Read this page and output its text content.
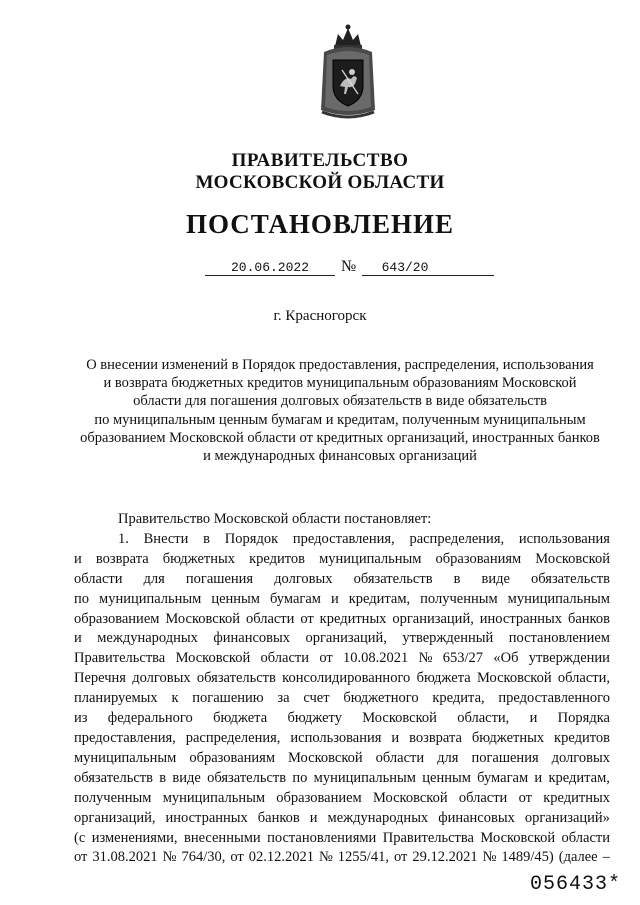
ПРАВИТЕЛЬСТВО
МОСКОВСКОЙ ОБЛАСТИ
ПОСТАНОВЛЕНИЕ
20.06.2022	№	643/20
г. Красногорск
О внесении изменений в Порядок предоставления, распределения, использования
и возврата бюджетных кредитов муниципальным образованиям Московской
области для погашения долговых обязательств в виде обязательств
по муниципальным ценным бумагам и кредитам, полученным муниципальным
образованием Московской области от кредитных организаций, иностранных банков
и международных финансовых организаций
Правительство Московской области постановляет:
1. Внести в Порядок предоставления, распределения, использования
и возврата бюджетных кредитов муниципальным образованиям Московской
области для погашения долговых обязательств в виде обязательств
по муниципальным ценным бумагам и кредитам, полученным муниципальным
образованием Московской области от кредитных организаций, иностранных банков
и международных финансовых организаций, утвержденный постановлением
Правительства Московской области от 10.08.2021 № 653/27 «Об утверждении
Перечня долговых обязательств консолидированного бюджета Московской области,
планируемых к погашению за счет бюджетного кредита, предоставленного
из федерального бюджета бюджету Московской области, и Порядка
предоставления, распределения, использования и возврата бюджетных кредитов
муниципальным образованиям Московской области для погашения долговых
обязательств в виде обязательств по муниципальным ценным бумагам и кредитам,
полученным муниципальным образованием Московской области от кредитных
организаций, иностранных банков и международных финансовых организаций»
(с изменениями, внесенными постановлениями Правительства Московской области
от 31.08.2021 № 764/30, от 02.12.2021 № 1255/41, от 29.12.2021 № 1489/45) (далее –
056433*
